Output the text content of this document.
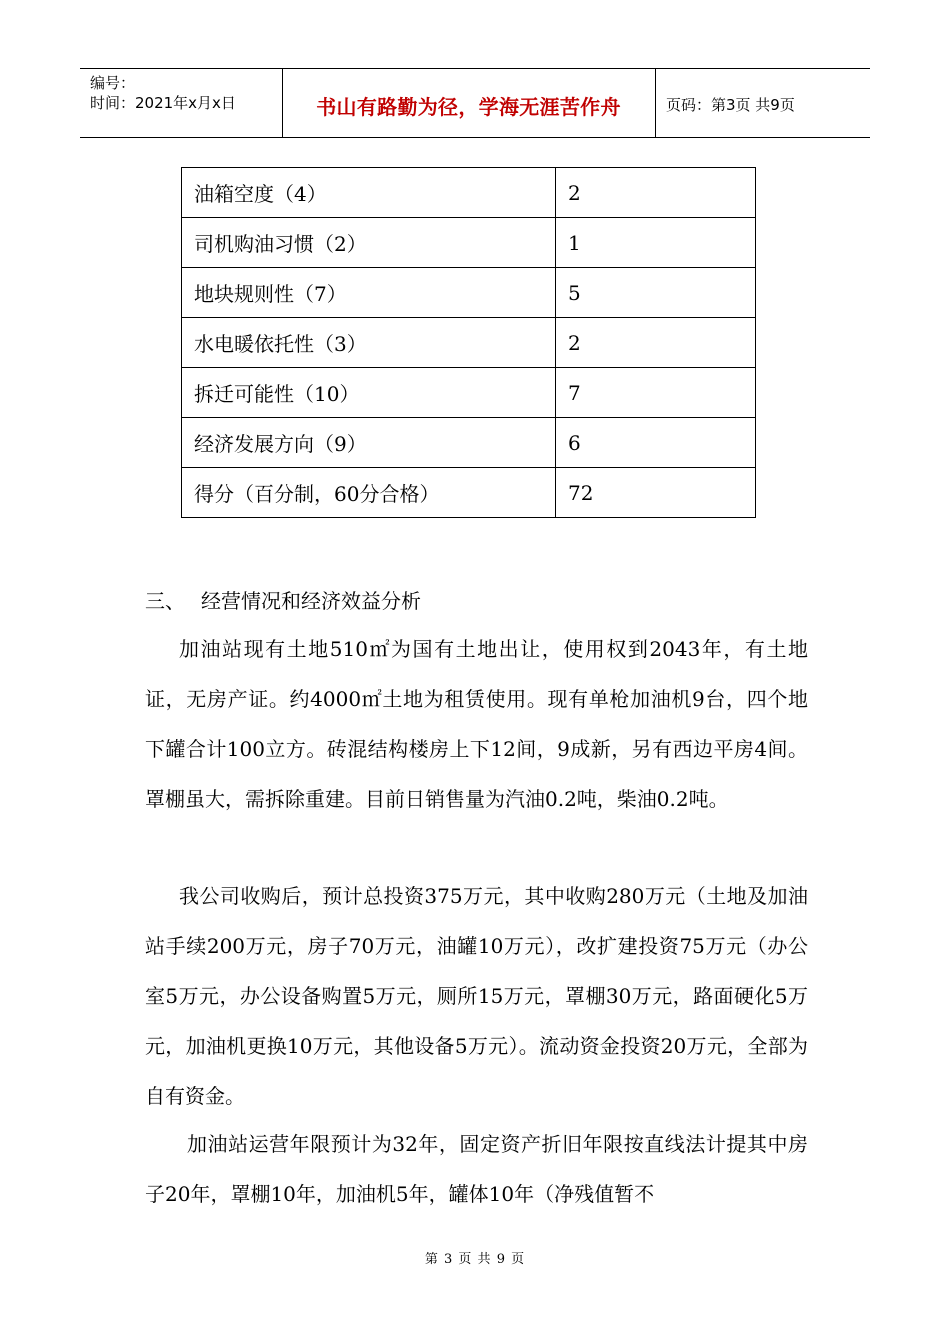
编号：
时间：2021年x月x日	书山有路勤为径，学海无涯苦作舟	页码：第3页 共9页
油箱空度（4）	2
司机购油习惯（2）	1
地块规则性（7）	5
水电暖依托性（3）	2
拆迁可能性（10）	7
经济发展方向（9）	6
得分（百分制，60分合格）	72
三、 经营情况和经济效益分析

加油站现有土地510㎡为国有土地出让，使用权到2043年，有土地证，无房产证。约4000㎡土地为租赁使用。现有单枪加油机9台，四个地下罐合计100立方。砖混结构楼房上下12间，9成新，另有西边平房4间。罩棚虽大，需拆除重建。目前日销售量为汽油0.2吨，柴油0.2吨。

我公司收购后，预计总投资375万元，其中收购280万元（土地及加油站手续200万元，房子70万元，油罐10万元），改扩建投资75万元（办公室5万元，办公设备购置5万元，厕所15万元，罩棚30万元，路面硬化5万元，加油机更换10万元，其他设备5万元）。流动资金投资20万元，全部为自有资金。

加油站运营年限预计为32年，固定资产折旧年限按直线法计提其中房子20年，罩棚10年，加油机5年，罐体10年（净残值暂不

第 3 页 共 9 页
